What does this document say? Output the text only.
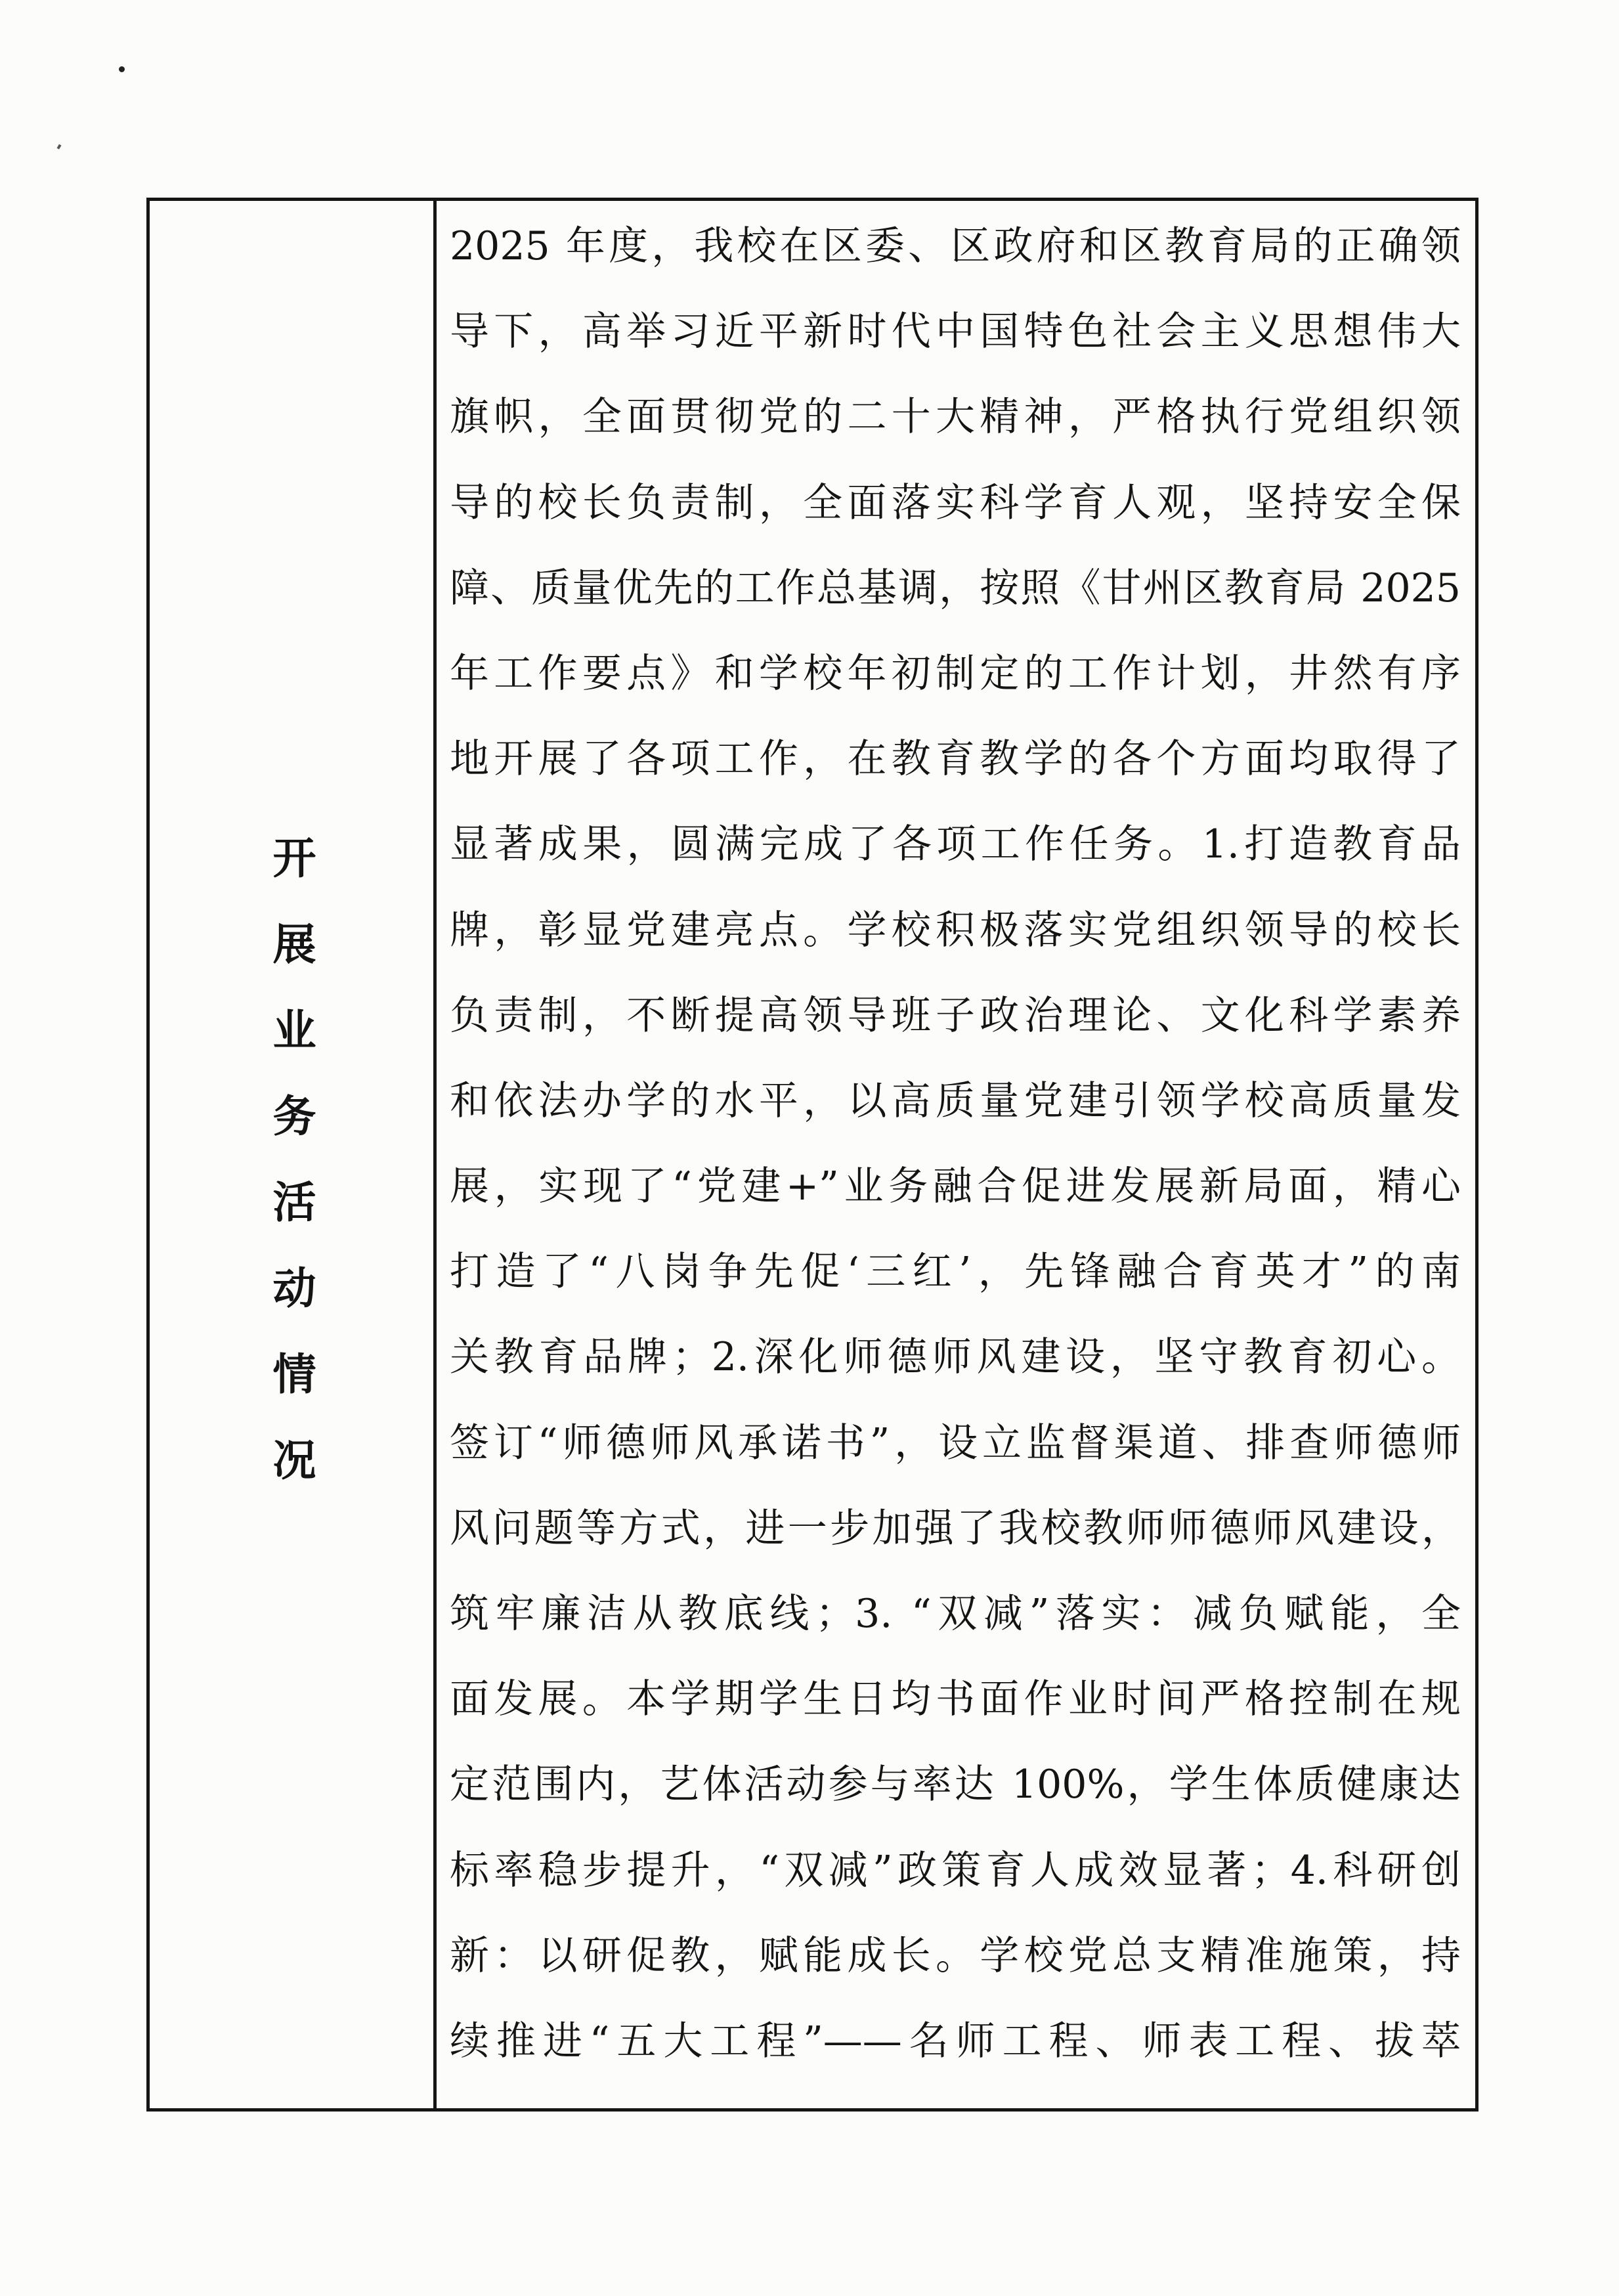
开展业务活动情况
2025 年度，我校在区委、区政府和区教育局的正确领
导下，高举习近平新时代中国特色社会主义思想伟大
旗帜，全面贯彻党的二十大精神，严格执行党组织领
导的校长负责制，全面落实科学育人观，坚持安全保
障、质量优先的工作总基调，按照《甘州区教育局 2025
年工作要点》和学校年初制定的工作计划，井然有序
地开展了各项工作，在教育教学的各个方面均取得了
显著成果，圆满完成了各项工作任务。1.打造教育品
牌，彰显党建亮点。学校积极落实党组织领导的校长
负责制，不断提高领导班子政治理论、文化科学素养
和依法办学的水平，以高质量党建引领学校高质量发
展，实现了“党建+”业务融合促进发展新局面，精心
打造了“八岗争先促‘三红’，先锋融合育英才”的南
关教育品牌；2.深化师德师风建设，坚守教育初心。
签订“师德师风承诺书”，设立监督渠道、排查师德师
风问题等方式，进一步加强了我校教师师德师风建设，
筑牢廉洁从教底线；3. “双减”落实：减负赋能，全
面发展。本学期学生日均书面作业时间严格控制在规
定范围内，艺体活动参与率达 100%，学生体质健康达
标率稳步提升，“双减”政策育人成效显著；4.科研创
新：以研促教，赋能成长。学校党总支精准施策，持
续推进“五大工程”——名师工程、师表工程、拔萃
